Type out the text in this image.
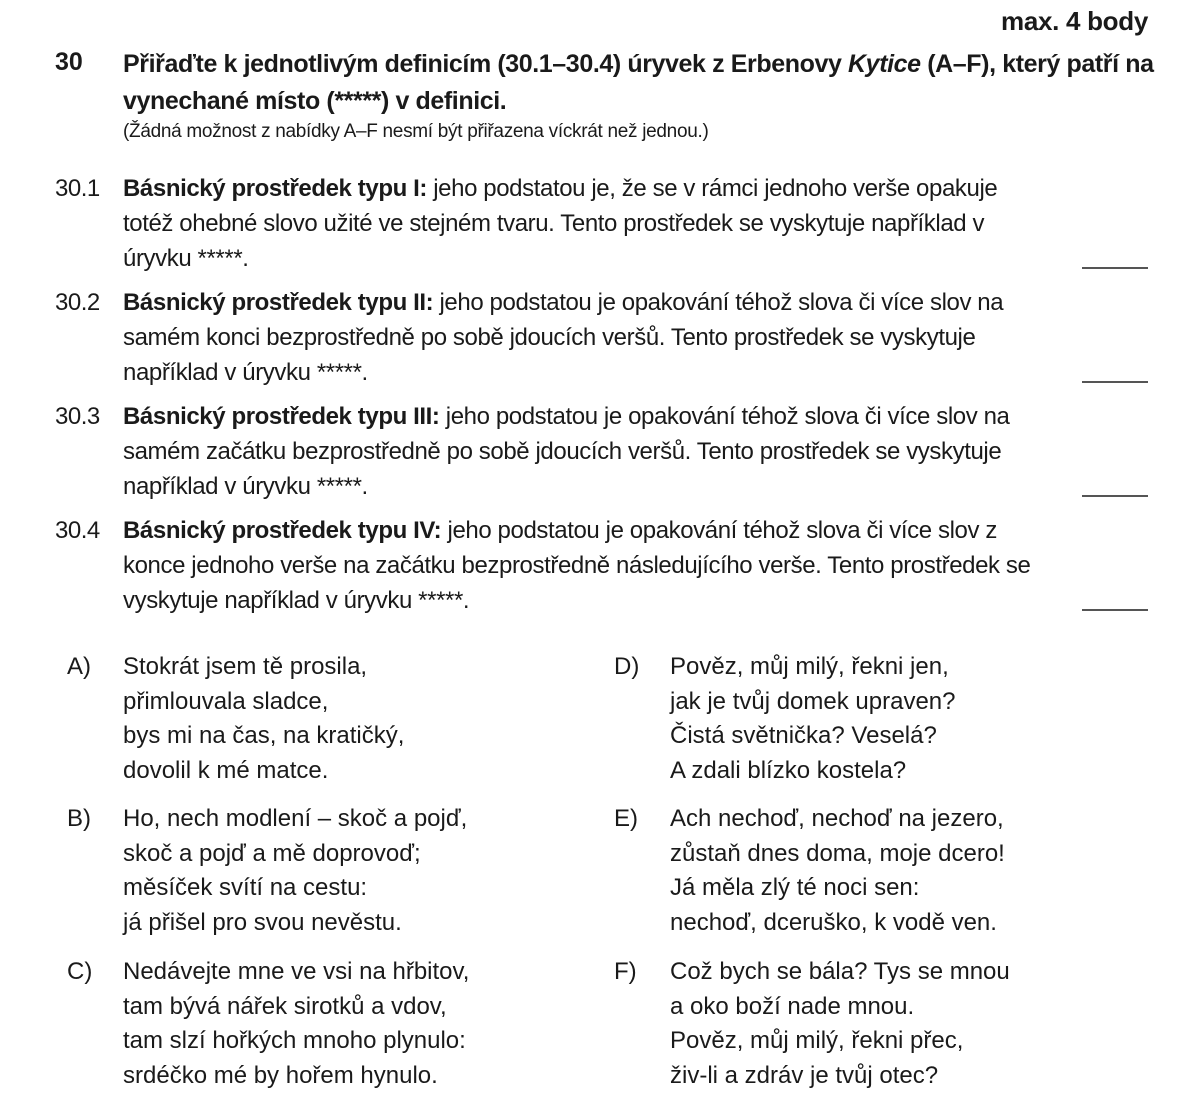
max. 4 body
30 Přiřaďte k jednotlivým definicím (30.1–30.4) úryvek z Erbenovy Kytice (A–F), který patří na vynechané místo (*****) v definici.
(Žádná možnost z nabídky A–F nesmí být přiřazena víckrát než jednou.)
30.1 Básnický prostředek typu I: jeho podstatou je, že se v rámci jednoho verše opakuje totéž ohebné slovo užité ve stejném tvaru. Tento prostředek se vyskytuje například v úryvku *****.
30.2 Básnický prostředek typu II: jeho podstatou je opakování téhož slova či více slov na samém konci bezprostředně po sobě jdoucích veršů. Tento prostředek se vyskytuje například v úryvku *****.
30.3 Básnický prostředek typu III: jeho podstatou je opakování téhož slova či více slov na samém začátku bezprostředně po sobě jdoucích veršů. Tento prostředek se vyskytuje například v úryvku *****.
30.4 Básnický prostředek typu IV: jeho podstatou je opakování téhož slova či více slov z konce jednoho verše na začátku bezprostředně následujícího verše. Tento prostředek se vyskytuje například v úryvku *****.
A) Stokrát jsem tě prosila,
přimlouvala sladce,
bys mi na čas, na kratičký,
dovolil k mé matce.
B) Ho, nech modlení – skoč a pojď,
skoč a pojď a mě doprovoď;
měsíček svítí na cestu:
já přišel pro svou nevěstu.
C) Nedávejte mne ve vsi na hřbitov,
tam bývá nářek sirotků a vdov,
tam slzí hořkých mnoho plynulo:
srdéčko mé by hořem hynulo.
D) Pověz, můj milý, řekni jen,
jak je tvůj domek upraven?
Čistá světnička? Veselá?
A zdali blízko kostela?
E) Ach nechoď, nechoď na jezero,
zůstaň dnes doma, moje dcero!
Já měla zlý té noci sen:
nechoď, dceruško, k vodě ven.
F) Což bych se bála? Tys se mnou
a oko boží nade mnou.
Pověz, můj milý, řekni přec,
živ-li a zdráv je tvůj otec?
